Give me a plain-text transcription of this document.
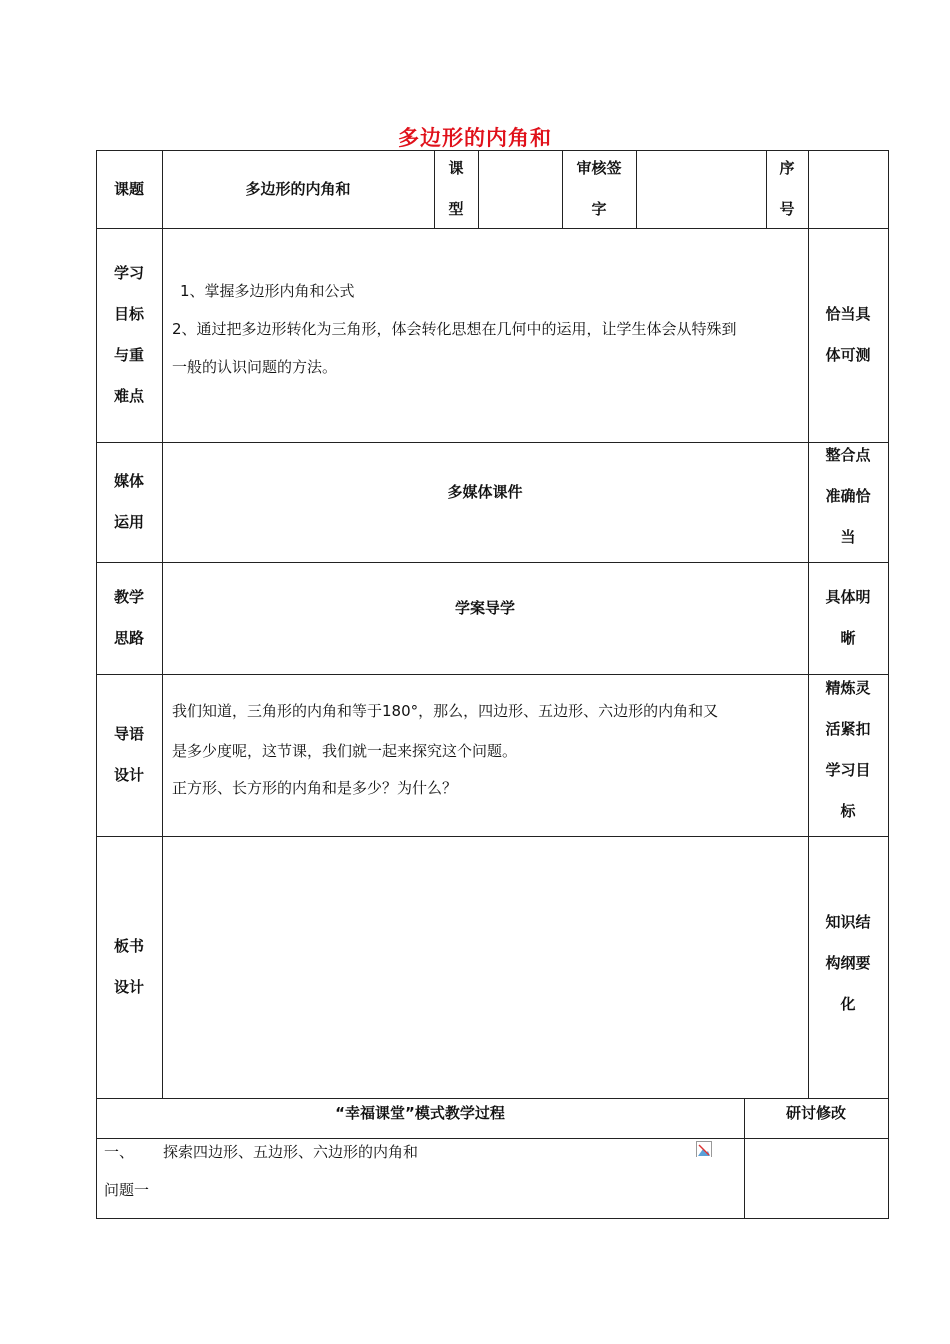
多边形的内角和
课题	多边形的内角和
课
型
审核签
字
序
号
学习
目标
与重
难点
1、掌握多边形内角和公式
2、通过把多边形转化为三角形，体会转化思想在几何中的运用，让学生体会从特殊到
一般的认识问题的方法。
恰当具
体可测
媒体
运用
多媒体课件
整合点
准确恰
当
教学
思路
学案导学
具体明
晰
导语
设计
我们知道，三角形的内角和等于180°，那么，四边形、五边形、六边形的内角和又
是多少度呢，这节课，我们就一起来探究这个问题。
正方形、长方形的内角和是多少？为什么？
精炼灵
活紧扣
学习目
标
板书
设计
知识结
构纲要
化
“幸福课堂”模式教学过程	研讨修改
一、 探索四边形、五边形、六边形的内角和
问题一
